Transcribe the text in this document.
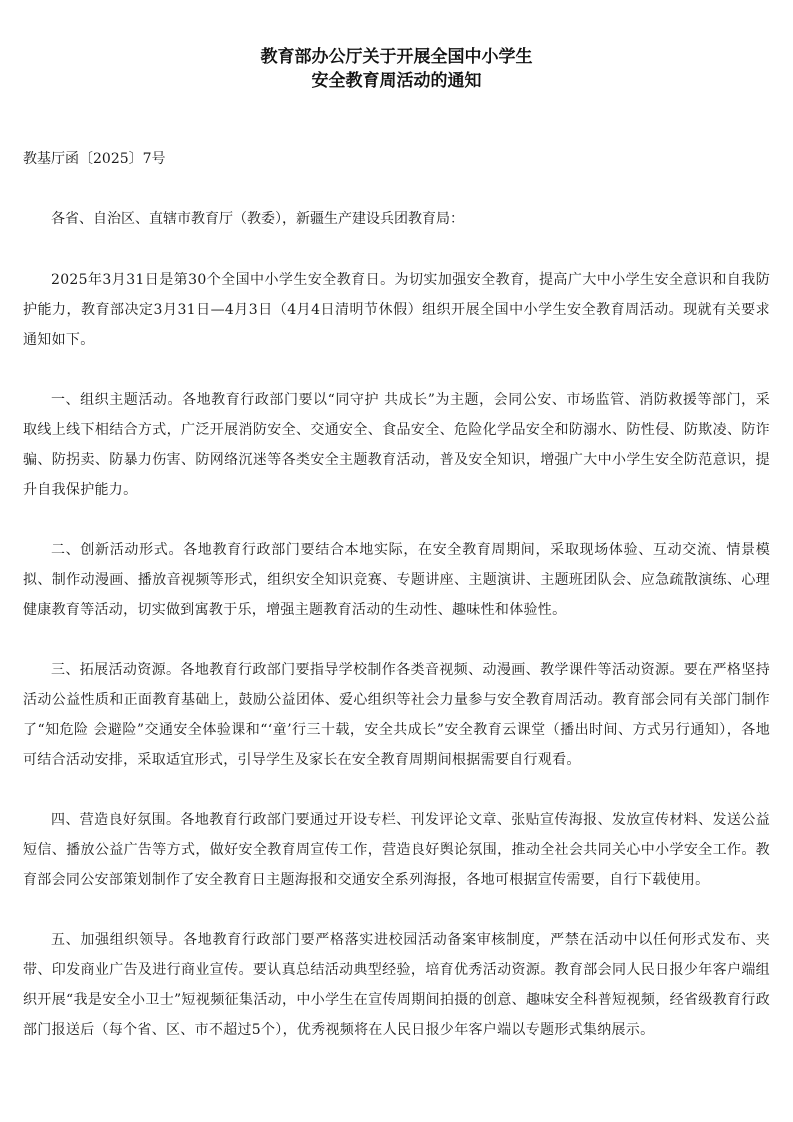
教育部办公厅关于开展全国中小学生
安全教育周活动的通知
教基厅函〔2025〕7号
各省、自治区、直辖市教育厅（教委），新疆生产建设兵团教育局：

2025年3月31日是第30个全国中小学生安全教育日。为切实加强安全教育，提高广大中小学生安全意识和自我防护能力，教育部决定3月31日—4月3日（4月4日清明节休假）组织开展全国中小学生安全教育周活动。现就有关要求通知如下。

一、组织主题活动。各地教育行政部门要以“同守护 共成长”为主题，会同公安、市场监管、消防救援等部门，采取线上线下相结合方式，广泛开展消防安全、交通安全、食品安全、危险化学品安全和防溺水、防性侵、防欺凌、防诈骗、防拐卖、防暴力伤害、防网络沉迷等各类安全主题教育活动，普及安全知识，增强广大中小学生安全防范意识，提升自我保护能力。

二、创新活动形式。各地教育行政部门要结合本地实际，在安全教育周期间，采取现场体验、互动交流、情景模拟、制作动漫画、播放音视频等形式，组织安全知识竞赛、专题讲座、主题演讲、主题班团队会、应急疏散演练、心理健康教育等活动，切实做到寓教于乐，增强主题教育活动的生动性、趣味性和体验性。

三、拓展活动资源。各地教育行政部门要指导学校制作各类音视频、动漫画、教学课件等活动资源。要在严格坚持活动公益性质和正面教育基础上，鼓励公益团体、爱心组织等社会力量参与安全教育周活动。教育部会同有关部门制作了“知危险 会避险”交通安全体验课和“‘童’行三十载，安全共成长”安全教育云课堂（播出时间、方式另行通知），各地可结合活动安排，采取适宜形式，引导学生及家长在安全教育周期间根据需要自行观看。

四、营造良好氛围。各地教育行政部门要通过开设专栏、刊发评论文章、张贴宣传海报、发放宣传材料、发送公益短信、播放公益广告等方式，做好安全教育周宣传工作，营造良好舆论氛围，推动全社会共同关心中小学安全工作。教育部会同公安部策划制作了安全教育日主题海报和交通安全系列海报，各地可根据宣传需要，自行下载使用。

五、加强组织领导。各地教育行政部门要严格落实进校园活动备案审核制度，严禁在活动中以任何形式发布、夹带、印发商业广告及进行商业宣传。要认真总结活动典型经验，培育优秀活动资源。教育部会同人民日报少年客户端组织开展“我是安全小卫士”短视频征集活动，中小学生在宣传周期间拍摄的创意、趣味安全科普短视频，经省级教育行政部门报送后（每个省、区、市不超过5个），优秀视频将在人民日报少年客户端以专题形式集纳展示。
